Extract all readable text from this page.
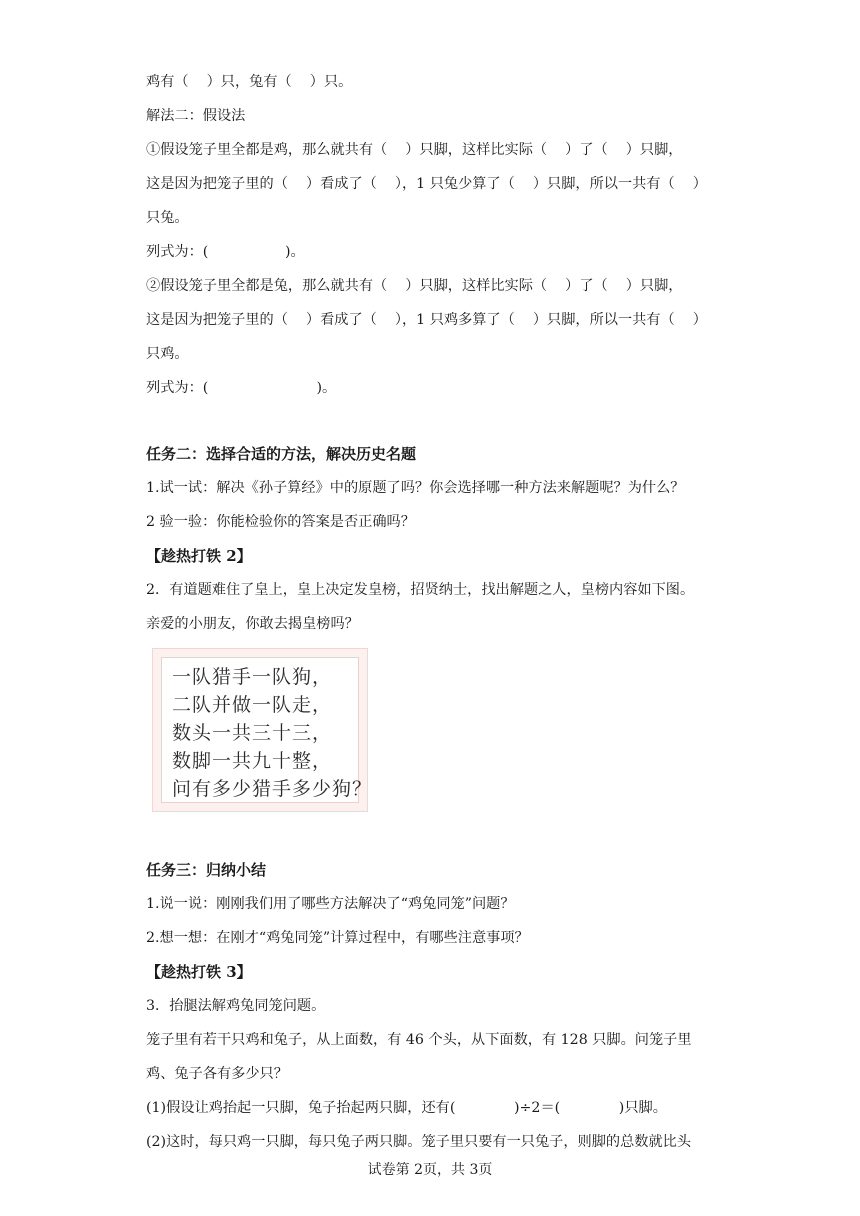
鸡有（    ）只，兔有（    ）只。
解法二：假设法
①假设笼子里全都是鸡，那么就共有（    ）只脚，这样比实际（    ）了（    ）只脚，
这是因为把笼子里的（    ）看成了（    ），1 只兔少算了（    ）只脚，所以一共有（    ）
只兔。
列式为：(                 )。
②假设笼子里全都是兔，那么就共有（    ）只脚，这样比实际（    ）了（    ）只脚，
这是因为把笼子里的（    ）看成了（    ），1 只鸡多算了（    ）只脚，所以一共有（    ）
只鸡。
列式为：(                        )。
任务二：选择合适的方法，解决历史名题
1.试一试：解决《孙子算经》中的原题了吗？你会选择哪一种方法来解题呢？为什么？
2 验一验：你能检验你的答案是否正确吗？
【趁热打铁 2】
2．有道题难住了皇上，皇上决定发皇榜，招贤纳士，找出解题之人，皇榜内容如下图。
亲爱的小朋友，你敢去揭皇榜吗？
一队猎手一队狗，
二队并做一队走，
数头一共三十三，
数脚一共九十整，
问有多少猎手多少狗？
任务三：归纳小结
1.说一说：刚刚我们用了哪些方法解决了“鸡兔同笼”问题？
2.想一想：在刚才“鸡兔同笼”计算过程中，有哪些注意事项？
【趁热打铁 3】
3．抬腿法解鸡兔同笼问题。
笼子里有若干只鸡和兔子，从上面数，有 46 个头，从下面数，有 128 只脚。问笼子里
鸡、兔子各有多少只？
(1)假设让鸡抬起一只脚，兔子抬起两只脚，还有(             )÷2＝(             )只脚。
(2)这时，每只鸡一只脚，每只兔子两只脚。笼子里只要有一只兔子，则脚的总数就比头
试卷第 2页，共 3页
